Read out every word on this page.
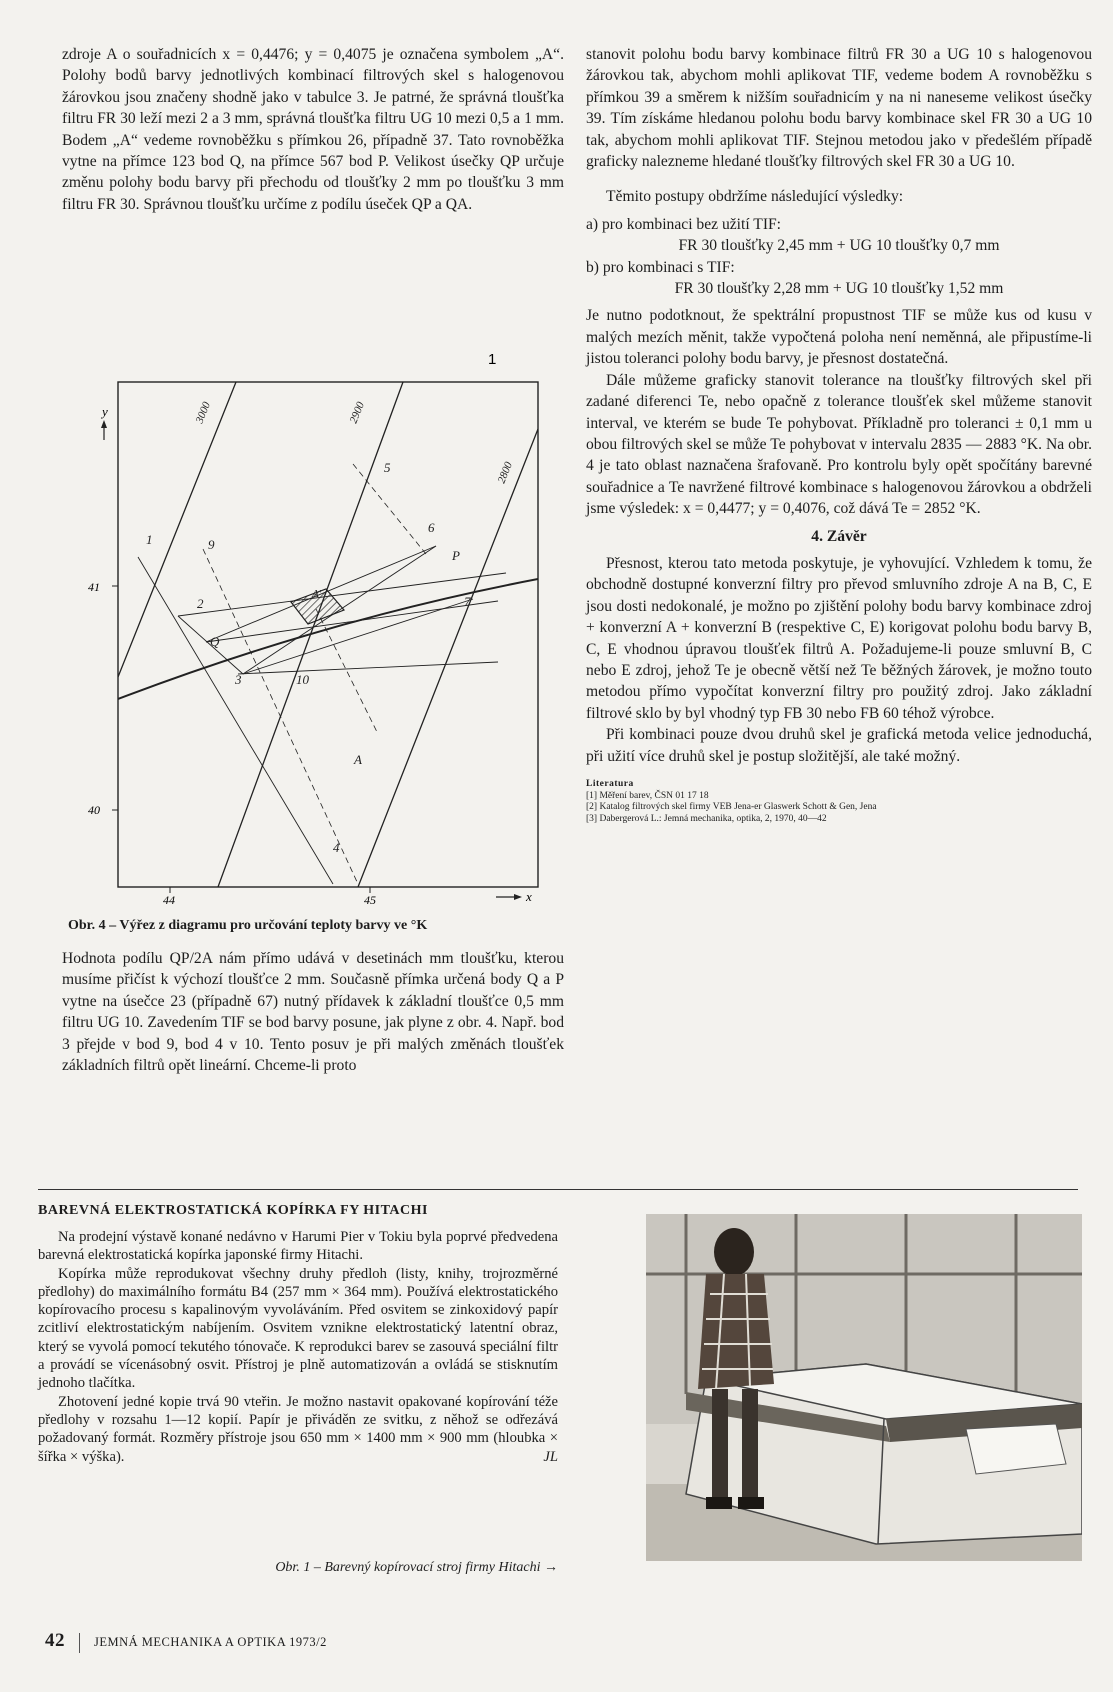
zdroje A o souřadnicích x = 0,4476; y = 0,4075 je označena symbolem „A“. Polohy bodů barvy jednotlivých kombinací filtrových skel s halogenovou žárovkou jsou značeny shodně jako v tabulce 3. Je patrné, že správná tloušťka filtru FR 30 leží mezi 2 a 3 mm, správná tloušťka filtru UG 10 mezi 0,5 a 1 mm. Bodem „A“ vedeme rovnoběžku s přímkou 26, případně 37. Tato rovnoběžka vytne na přímce 123 bod Q, na přímce 567 bod P. Velikost úsečky QP určuje změnu polohy bodu barvy při přechodu od tloušťky 2 mm po tloušťku 3 mm filtru FR 30. Správnou tloušťku určíme z podílu úseček QP a QA.

1
y
x
41
40
44	45
1
2
3
4
5
6
7
9
10
Q
P
A
A'
3000	2900
2800
Obr. 4 – Výřez z diagramu pro určování teploty barvy ve °K

Hodnota podílu QP/2A nám přímo udává v desetinách mm tloušťku, kterou musíme přičíst k výchozí tloušťce 2 mm. Současně přímka určená body Q a P vytne na úsečce 23 (případně 67) nutný přídavek k základní tloušťce 0,5 mm filtru UG 10. Zavedením TIF se bod barvy posune, jak plyne z obr. 4. Např. bod 3 přejde v bod 9, bod 4 v 10. Tento posuv je při malých změnách tloušťek základních filtrů opět lineární. Chceme-li proto

stanovit polohu bodu barvy kombinace filtrů FR 30 a UG 10 s halogenovou žárovkou tak, abychom mohli aplikovat TIF, vedeme bodem A rovnoběžku s přímkou 39 a směrem k nižším souřadnicím y na ni naneseme velikost úsečky 39. Tím získáme hledanou polohu bodu barvy kombinace skel FR 30 a UG 10 tak, abychom mohli aplikovat TIF. Stejnou metodou jako v předešlém případě graficky nalezneme hledané tloušťky filtrových skel FR 30 a UG 10.

Těmito postupy obdržíme následující výsledky:

a) pro kombinaci bez užití TIF:

FR 30 tloušťky 2,45 mm + UG 10 tloušťky 0,7 mm

b) pro kombinaci s TIF:

FR 30 tloušťky 2,28 mm + UG 10 tloušťky 1,52 mm

Je nutno podotknout, že spektrální propustnost TIF se může kus od kusu v malých mezích měnit, takže vypočtená poloha není neměnná, ale připustíme-li jistou toleranci polohy bodu barvy, je přesnost dostatečná.

Dále můžeme graficky stanovit tolerance na tloušťky filtrových skel při zadané diferenci Te, nebo opačně z tolerance tloušťek skel můžeme stanovit interval, ve kterém se bude Te pohybovat. Příkladně pro toleranci ± 0,1 mm u obou filtrových skel se může Te pohybovat v intervalu 2835 — 2883 °K. Na obr. 4 je tato oblast naznačena šrafovaně. Pro kontrolu byly opět spočítány barevné souřadnice a Te navržené filtrové kombinace s halogenovou žárovkou a obdrželi jsme výsledek: x = 0,4477; y = 0,4076, což dává Te = 2852 °K.

4. Závěr

Přesnost, kterou tato metoda poskytuje, je vyhovující. Vzhledem k tomu, že obchodně dostupné konverzní filtry pro převod smluvního zdroje A na B, C, E jsou dosti nedokonalé, je možno po zjištění polohy bodu barvy kombinace zdroj + konverzní A + konverzní B (respektive C, E) korigovat polohu bodu barvy B, C, E vhodnou úpravou tloušťek filtrů A. Požadujeme-li pouze smluvní B, C nebo E zdroj, jehož Te je obecně větší než Te běžných žárovek, je možno touto metodou přímo vypočítat konverzní filtry pro použitý zdroj. Jako základní filtrové sklo by byl vhodný typ FB 30 nebo FB 60 téhož výrobce.

Při kombinaci pouze dvou druhů skel je grafická metoda velice jednoduchá, při užití více druhů skel je postup složitější, ale také možný.

Literatura

[1] Měření barev, ČSN 01 17 18

[2] Katalog filtrových skel firmy VEB Jena-er Glaswerk Schott & Gen, Jena

[3] Dabergerová L.: Jemná mechanika, optika, 2, 1970, 40—42

BAREVNÁ ELEKTROSTATICKÁ KOPÍRKA FY HITACHI

Na prodejní výstavě konané nedávno v Harumi Pier v Tokiu byla poprvé předvedena barevná elektrostatická kopírka japonské firmy Hitachi.

Kopírka může reprodukovat všechny druhy předloh (listy, knihy, trojrozměrné předlohy) do maximálního formátu B4 (257 mm × 364 mm). Používá elektrostatického kopírovacího procesu s kapalinovým vyvoláváním. Před osvitem se zinkoxidový papír zcitliví elektrostatickým nabíjením. Osvitem vznikne elektrostatický latentní obraz, který se vyvolá pomocí tekutého tónovače. K reprodukci barev se zasouvá speciální filtr a provádí se vícenásobný osvit. Přístroj je plně automatizován a ovládá se stisknutím jednoho tlačítka.

Zhotovení jedné kopie trvá 90 vteřin. Je možno nastavit opakované kopírování téže předlohy v rozsahu 1—12 kopií. Papír je přiváděn ze svitku, z něhož se odřezává požadovaný formát. Rozměry přístroje jsou 650 mm × 1400 mm × 900 mm (hloubka × šířka × výška).	JL

Obr. 1 – Barevný kopírovací stroj firmy Hitachi →
42 JEMNÁ MECHANIKA A OPTIKA 1973/2
